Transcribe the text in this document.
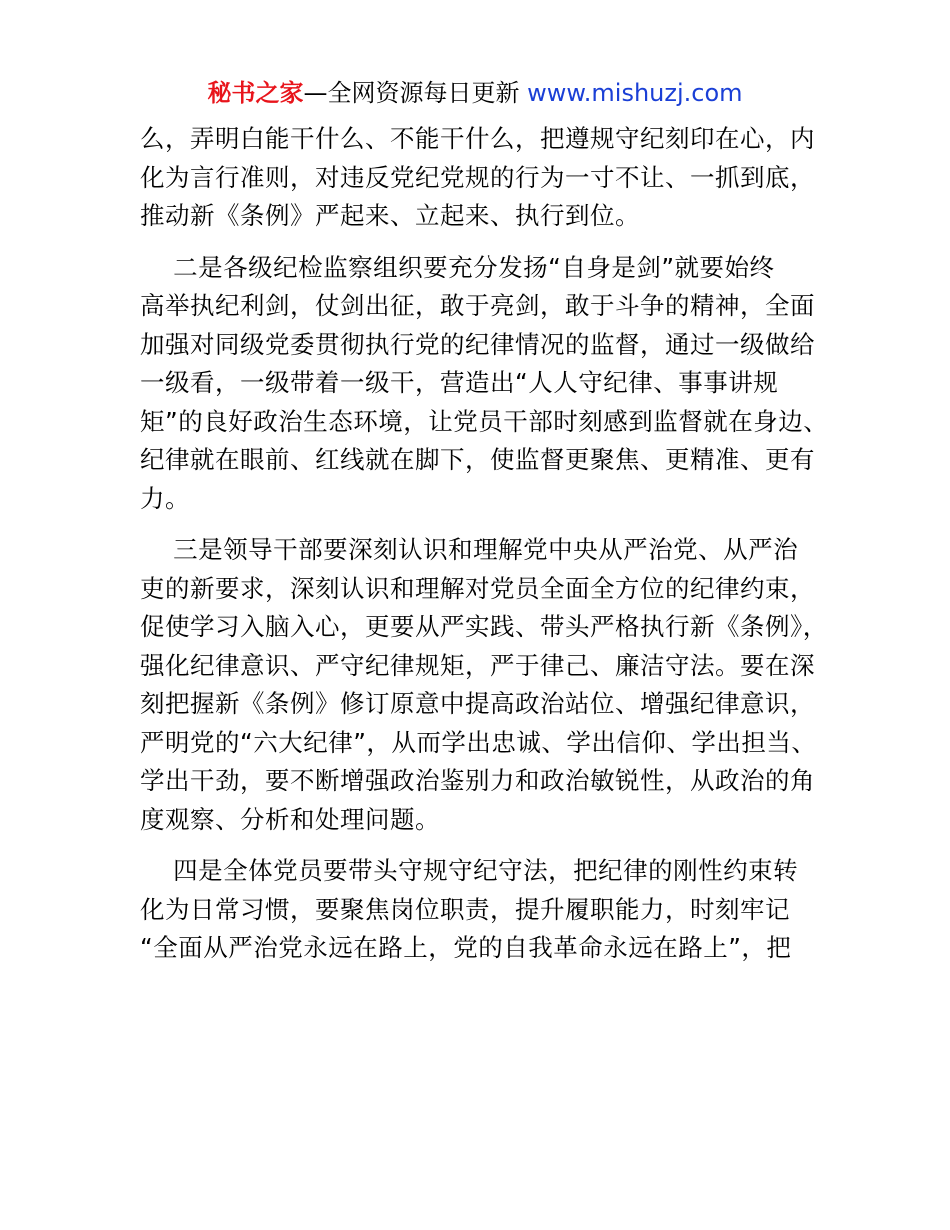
秘书之家—全网资源每日更新 www.mishuzj.com
么，弄明白能干什么、不能干什么，把遵规守纪刻印在心，内
化为言行准则，对违反党纪党规的行为一寸不让、一抓到底，
推动新《条例》严起来、立起来、执行到位。
二是各级纪检监察组织要充分发扬“自身是剑”就要始终
高举执纪利剑，仗剑出征，敢于亮剑，敢于斗争的精神，全面
加强对同级党委贯彻执行党的纪律情况的监督，通过一级做给
一级看，一级带着一级干，营造出“人人守纪律、事事讲规
矩”的良好政治生态环境，让党员干部时刻感到监督就在身边、
纪律就在眼前、红线就在脚下，使监督更聚焦、更精准、更有
力。
三是领导干部要深刻认识和理解党中央从严治党、从严治
吏的新要求，深刻认识和理解对党员全面全方位的纪律约束，
促使学习入脑入心，更要从严实践、带头严格执行新《条例》，
强化纪律意识、严守纪律规矩，严于律己、廉洁守法。要在深
刻把握新《条例》修订原意中提高政治站位、增强纪律意识，
严明党的“六大纪律”，从而学出忠诚、学出信仰、学出担当、
学出干劲，要不断增强政治鉴别力和政治敏锐性，从政治的角
度观察、分析和处理问题。
四是全体党员要带头守规守纪守法，把纪律的刚性约束转
化为日常习惯，要聚焦岗位职责，提升履职能力，时刻牢记
“全面从严治党永远在路上，党的自我革命永远在路上”，把
